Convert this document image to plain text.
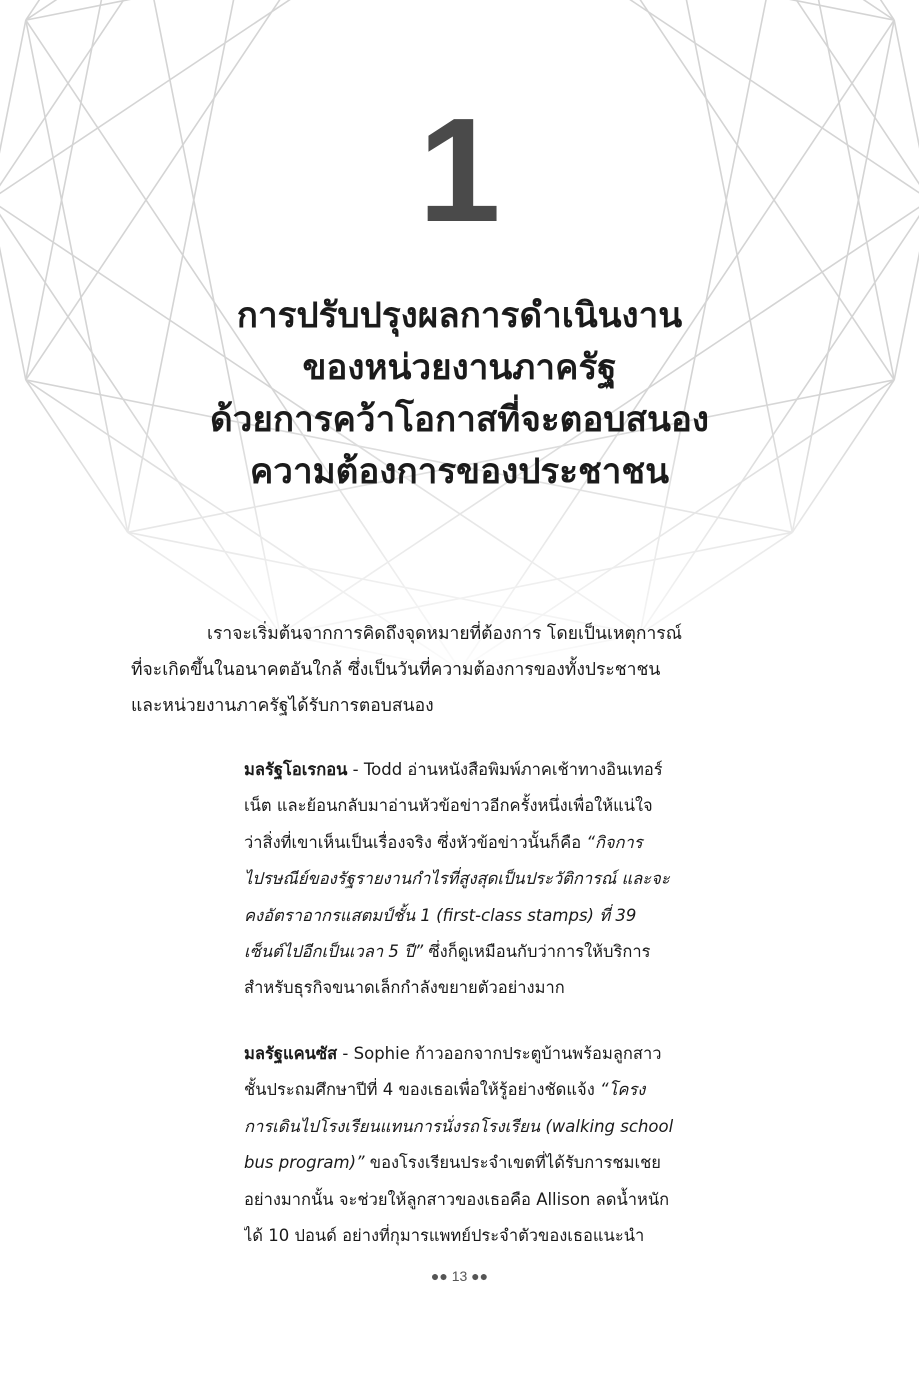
1
การปรับปรุงผลการดำเนินงาน
ของหน่วยงานภาครัฐ
ด้วยการคว้าโอกาสที่จะตอบสนอง
ความต้องการของประชาชน
เราจะเริ่มต้นจากการคิดถึงจุดหมายที่ต้องการ โดยเป็นเหตุการณ์
ที่จะเกิดขึ้นในอนาคตอันใกล้ ซึ่งเป็นวันที่ความต้องการของทั้งประชาชน
และหน่วยงานภาครัฐได้รับการตอบสนอง
มลรัฐโอเรกอน - Todd อ่านหนังสือพิมพ์ภาคเช้าทางอินเทอร์
เน็ต และย้อนกลับมาอ่านหัวข้อข่าวอีกครั้งหนึ่งเพื่อให้แน่ใจ
ว่าสิ่งที่เขาเห็นเป็นเรื่องจริง ซึ่งหัวข้อข่าวนั้นก็คือ “กิจการ
ไปรษณีย์ของรัฐรายงานกำไรที่สูงสุดเป็นประวัติการณ์ และจะ
คงอัตราอากรแสตมป์ชั้น 1 (first-class stamps) ที่ 39
เซ็นต์ไปอีกเป็นเวลา 5 ปี” ซึ่งก็ดูเหมือนกับว่าการให้บริการ
สำหรับธุรกิจขนาดเล็กกำลังขยายตัวอย่างมาก
มลรัฐแคนซัส - Sophie ก้าวออกจากประตูบ้านพร้อมลูกสาว
ชั้นประถมศึกษาปีที่ 4 ของเธอเพื่อให้รู้อย่างชัดแจ้ง “โครง
การเดินไปโรงเรียนแทนการนั่งรถโรงเรียน (walking school
bus program)” ของโรงเรียนประจำเขตที่ได้รับการชมเชย
อย่างมากนั้น จะช่วยให้ลูกสาวของเธอคือ Allison ลดน้ำหนัก
ได้ 10 ปอนด์ อย่างที่กุมารแพทย์ประจำตัวของเธอแนะนำ
●● 13 ●●
